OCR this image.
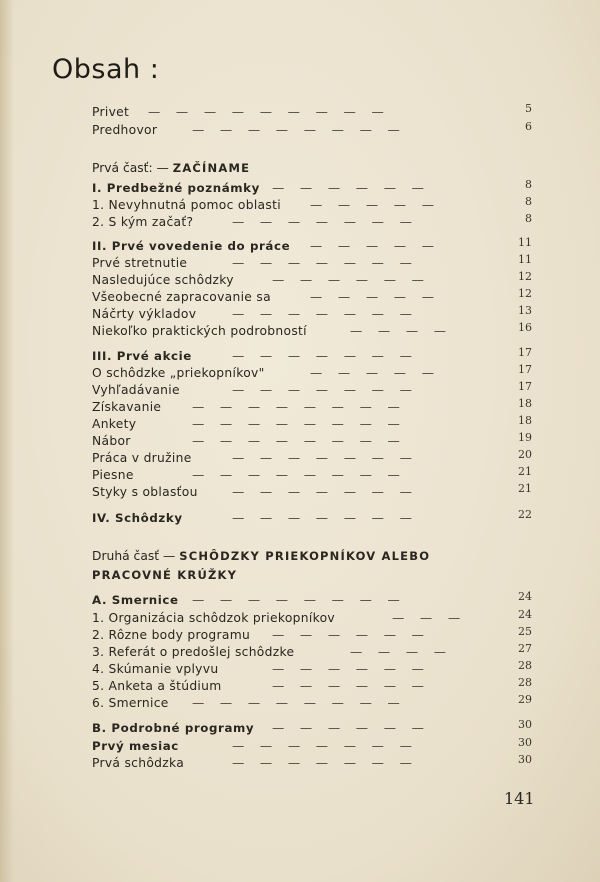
Obsah :
Privet —    —    —    —    —    —    —    —    —	5
Predhovor	—    —    —    —    —    —    —    —	6
Prvá časť: — ZAČÍNAME
I. Predbežné poznámky —    —    —    —    —    —	8
1. Nevyhnutná pomoc oblasti —    —    —    —    —	8
2. S kým začať?	—    —    —    —    —    —    —	8
II. Prvé vovedenie do práce —    —    —    —    —	11
Prvé stretnutie	—    —    —    —    —    —    —	11
Nasledujúce schôdzky	—    —    —    —    —    —	12
Všeobecné zapracovanie sa	—    —    —    —    —	12
Náčrty výkladov	—    —    —    —    —    —    —	13
Niekoľko praktických podrobností	—    —    —    —	16
III. Prvé akcie	—    —    —    —    —    —    —	17
O schôdzke „priekopníkov"	—    —    —    —    —	17
Vyhľadávanie	—    —    —    —    —    —    —	17
Získavanie —    —    —    —    —    —    —    —	18
Ankety	—    —    —    —    —    —    —    —	18
Nábor	—    —    —    —    —    —    —    —	19
Práca v družine	—    —    —    —    —    —    —	20
Piesne	—    —    —    —    —    —    —    —	21
Styky s oblasťou	—    —    —    —    —    —    —	21
IV. Schôdzky	—    —    —    —    —    —    —	22
Druhá časť — SCHÔDZKY PRIEKOPNÍKOV ALEBO
PRACOVNÉ KRÚŽKY
A. Smernice —    —    —    —    —    —    —    —	24
1. Organizácia schôdzok priekopníkov	—    —    —	24
2. Rôzne body programu —    —    —    —    —    —	25
3. Referát o predošlej schôdzke	—    —    —    —	27
4. Skúmanie vplyvu	—    —    —    —    —    —	28
5. Anketa a štúdium	—    —    —    —    —    —	28
6. Smernice —    —    —    —    —    —    —    —	29
B. Podrobné programy —    —    —    —    —    —	30
Prvý mesiac	—    —    —    —    —    —    —	30
Prvá schôdzka	—    —    —    —    —    —    —	30
141
